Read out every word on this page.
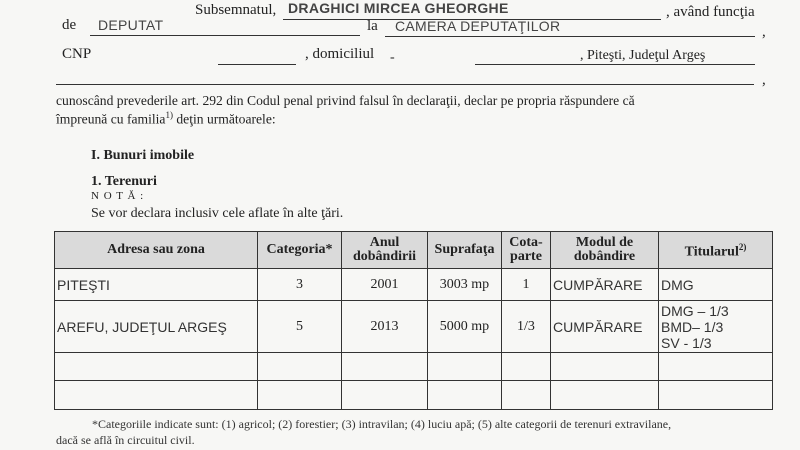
Subsemnatul, DRAGHICI MIRCEA GHEORGHE	, având funcţia
de DEPUTAT	la CAMERA DEPUTAŢILOR	,
CNP	, domiciliul -	, Piteşti, Judeţul Argeş
,
cunoscând prevederile art. 292 din Codul penal privind falsul în declaraţii, declar pe propria răspundere că
împreună cu familia$^{1)}$ deţin următoarele:
I. Bunuri imobile
1. Terenuri
N O T Ă :
Se vor declara inclusiv cele aflate în alte ţări.
Adresa sau zona	Categoria*	Anul dobândirii	Suprafaţa	Cota-parte	Modul de dobândire	Titularul$^{2)}$
PITEŞTI	3	2001	3003 mp	1	CUMPĂRARE	DMG
AREFU, JUDEŢUL ARGEŞ	5	2013	5000 mp	1/3	CUMPĂRARE	DMG – 1/3
BMD– 1/3
SV - 1/3

*Categoriile indicate sunt: (1) agricol; (2) forestier; (3) intravilan; (4) luciu apă; (5) alte categorii de terenuri extravilane,
dacă se află în circuitul civil.
